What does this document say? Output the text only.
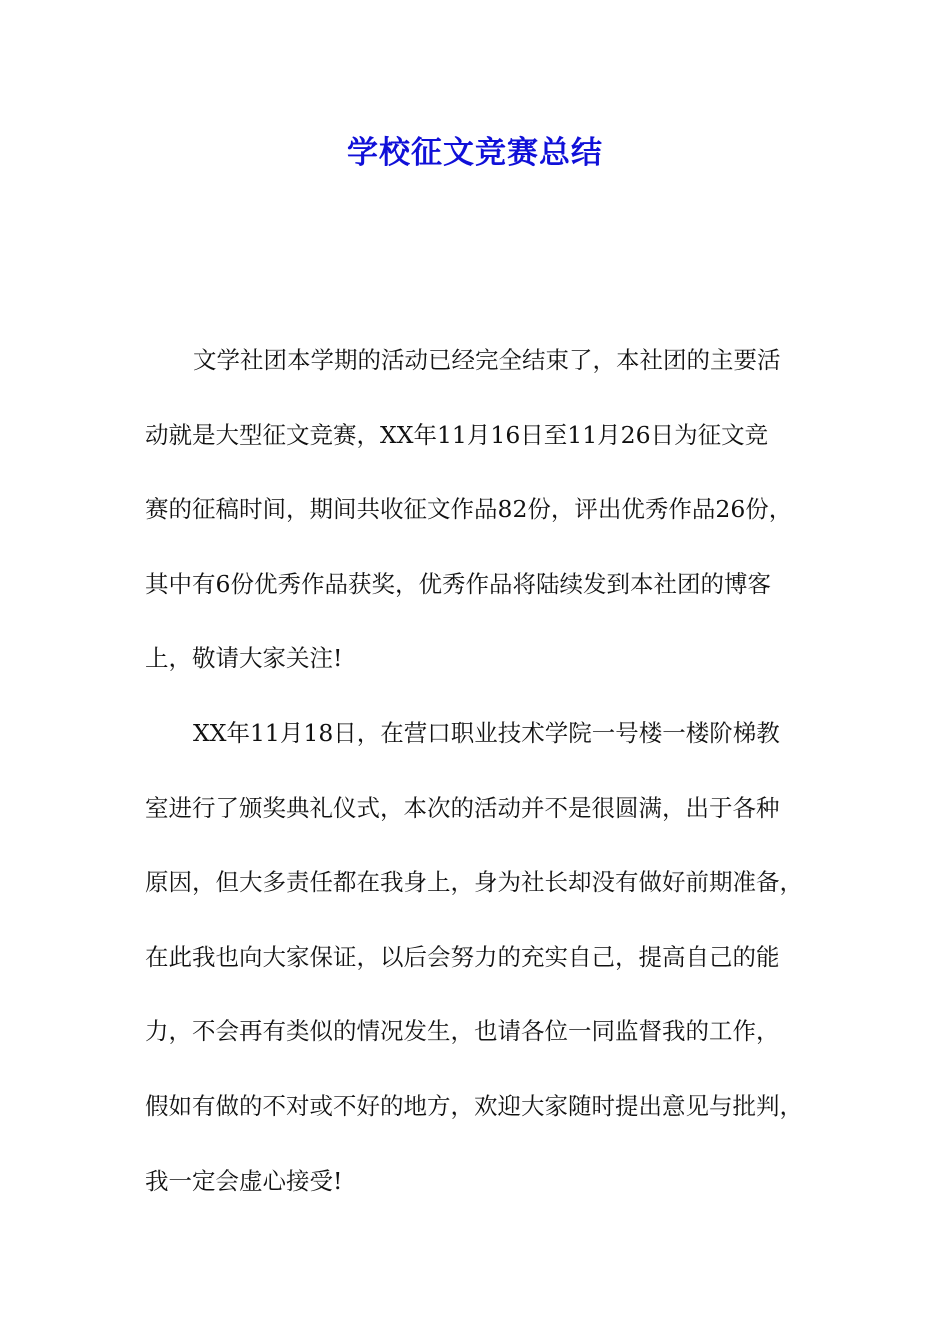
学校征文竞赛总结
文学社团本学期的活动已经完全结束了，本社团的主要活
动就是大型征文竞赛，XX年11月16日至11月26日为征文竞
赛的征稿时间，期间共收征文作品82份，评出优秀作品26份，
其中有6份优秀作品获奖，优秀作品将陆续发到本社团的博客
上，敬请大家关注!
XX年11月18日，在营口职业技术学院一号楼一楼阶梯教
室进行了颁奖典礼仪式，本次的活动并不是很圆满，出于各种
原因，但大多责任都在我身上，身为社长却没有做好前期准备，
在此我也向大家保证，以后会努力的充实自己，提高自己的能
力，不会再有类似的情况发生，也请各位一同监督我的工作，
假如有做的不对或不好的地方，欢迎大家随时提出意见与批判，
我一定会虚心接受!
